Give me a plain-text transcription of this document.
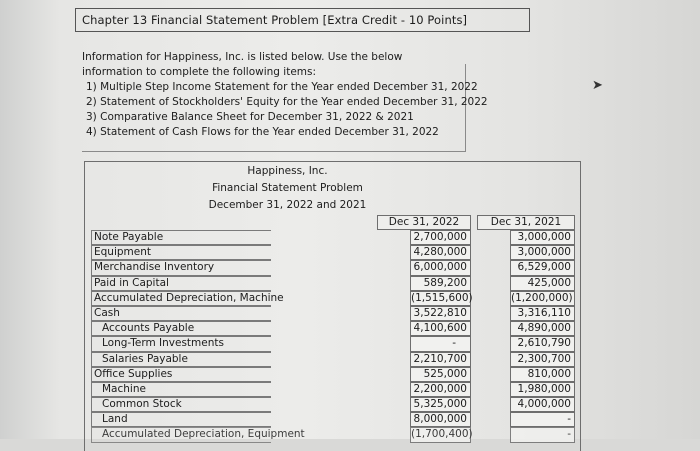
Chapter 13 Financial Statement Problem [Extra Credit - 10 Points]
Information for Happiness, Inc. is listed below. Use the below
information to complete the following items:
1) Multiple Step Income Statement for the Year ended December 31, 2022
2) Statement of Stockholders' Equity for the Year ended December 31, 2022
3) Comparative Balance Sheet for December 31, 2022 & 2021
4) Statement of Cash Flows for the Year ended December 31, 2022
➤
Happiness, Inc.
Financial Statement Problem
December 31, 2022 and 2021
Dec 31, 2022	Dec 31, 2021
Note Payable	2,700,000	3,000,000
Equipment	4,280,000	3,000,000
Merchandise Inventory	6,000,000	6,529,000
Paid in Capital	589,200	425,000
Accumulated Depreciation, Machine	(1,515,600)	(1,200,000)
Cash	3,522,810	3,316,110
Accounts Payable	4,100,600	4,890,000
Long-Term Investments	-	2,610,790
Salaries Payable	2,210,700	2,300,700
Office Supplies	525,000	810,000
Machine	2,200,000	1,980,000
Common Stock	5,325,000	4,000,000
Land	8,000,000	-
Accumulated Depreciation, Equipment	(1,700,400)	-
